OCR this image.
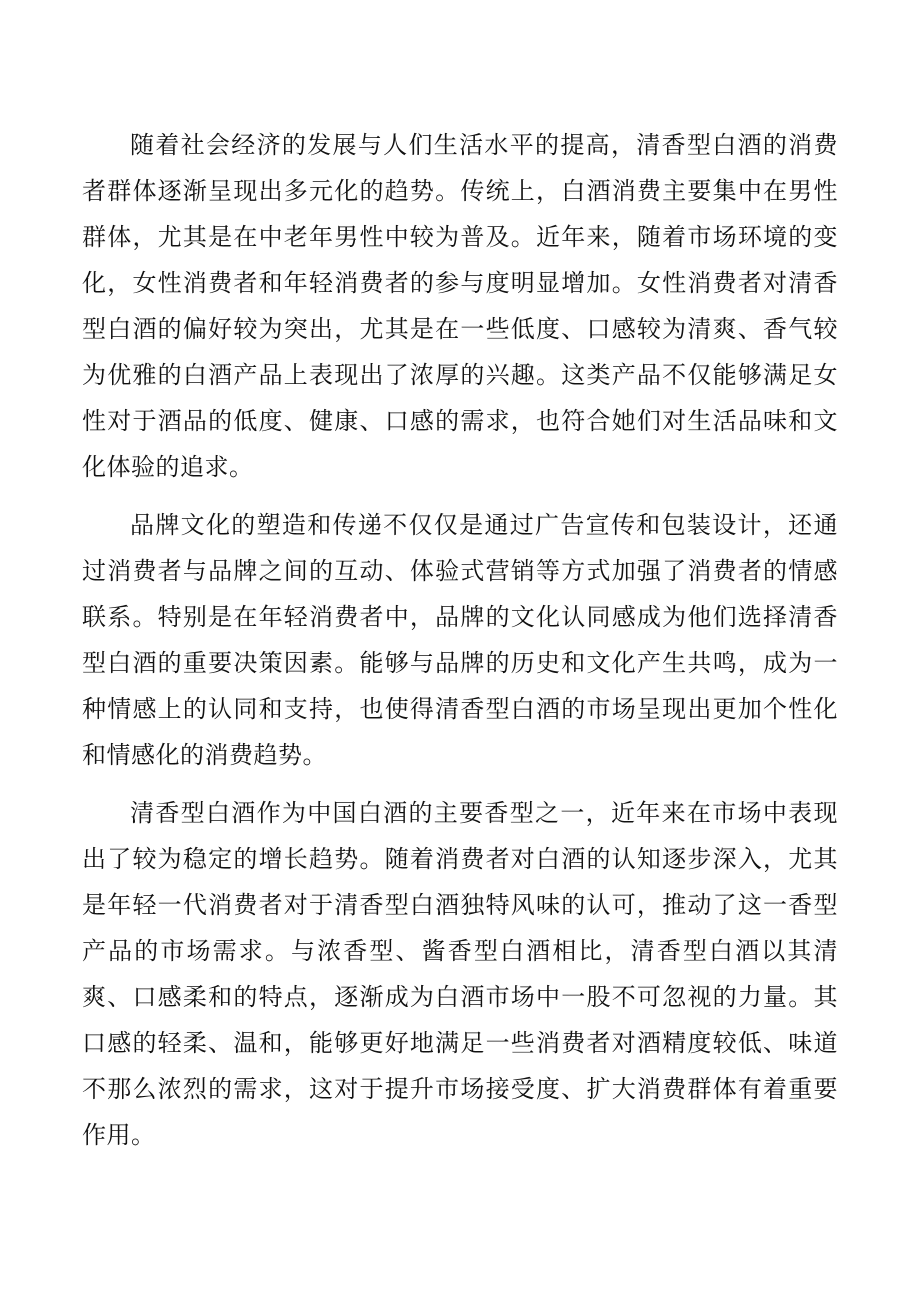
随着社会经济的发展与人们生活水平的提高，清香型白酒的消费者群体逐渐呈现出多元化的趋势。传统上，白酒消费主要集中在男性群体，尤其是在中老年男性中较为普及。近年来，随着市场环境的变化，女性消费者和年轻消费者的参与度明显增加。女性消费者对清香型白酒的偏好较为突出，尤其是在一些低度、口感较为清爽、香气较为优雅的白酒产品上表现出了浓厚的兴趣。这类产品不仅能够满足女性对于酒品的低度、健康、口感的需求，也符合她们对生活品味和文化体验的追求。

品牌文化的塑造和传递不仅仅是通过广告宣传和包装设计，还通过消费者与品牌之间的互动、体验式营销等方式加强了消费者的情感联系。特别是在年轻消费者中，品牌的文化认同感成为他们选择清香型白酒的重要决策因素。能够与品牌的历史和文化产生共鸣，成为一种情感上的认同和支持，也使得清香型白酒的市场呈现出更加个性化和情感化的消费趋势。

清香型白酒作为中国白酒的主要香型之一，近年来在市场中表现出了较为稳定的增长趋势。随着消费者对白酒的认知逐步深入，尤其是年轻一代消费者对于清香型白酒独特风味的认可，推动了这一香型产品的市场需求。与浓香型、酱香型白酒相比，清香型白酒以其清爽、口感柔和的特点，逐渐成为白酒市场中一股不可忽视的力量。其口感的轻柔、温和，能够更好地满足一些消费者对酒精度较低、味道不那么浓烈的需求，这对于提升市场接受度、扩大消费群体有着重要作用。
